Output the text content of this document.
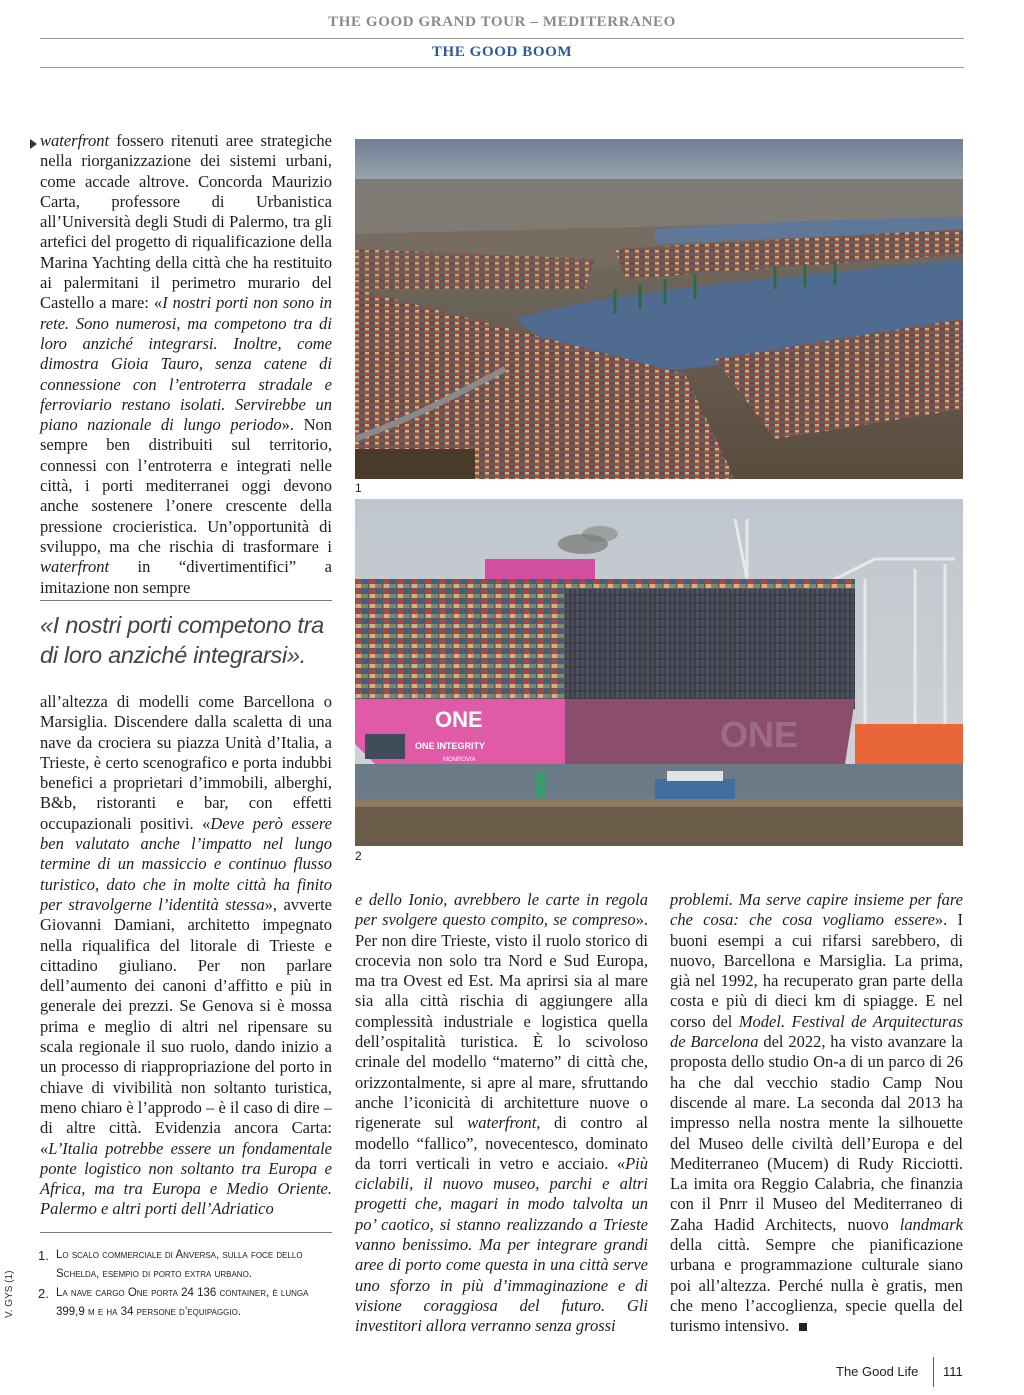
THE GOOD GRAND TOUR – MEDITERRANEO
THE GOOD BOOM

waterfront fossero ritenuti aree strategiche nella riorganizzazione dei sistemi urbani, come accade altrove. Concorda Maurizio Carta, professore di Urbanistica all’Università degli Studi di Palermo, tra gli artefici del progetto di riqualificazione della Marina Yachting della città che ha restituito ai palermitani il perimetro murario del Castello a mare: «I nostri porti non sono in rete. Sono numerosi, ma competono tra di loro anziché integrarsi. Inoltre, come dimostra Gioia Tauro, senza catene di connessione con l’entroterra stradale e ferroviario restano isolati. Servirebbe un piano nazionale di lungo periodo». Non sempre ben distribuiti sul territorio, connessi con l’entroterra e integrati nelle città, i porti mediterranei oggi devono anche sostenere l’onere crescente della pressione crocieristica. Un’opportunità di sviluppo, ma che rischia di trasformare i waterfront in “divertimentifici” a imitazione non sempre

«I nostri porti competono tra di loro anziché integrarsi».

all’altezza di modelli come Barcellona o Marsiglia. Discendere dalla scaletta di una nave da crociera su piazza Unità d’Italia, a Trieste, è certo scenografico e porta indubbi benefici a proprietari d’immobili, alberghi, B&b, ristoranti e bar, con effetti occupazionali positivi. «Deve però essere ben valutato anche l’impatto nel lungo termine di un massiccio e continuo flusso turistico, dato che in molte città ha finito per stravolgerne l’identità stessa», avverte Giovanni Damiani, architetto impegnato nella riqualifica del litorale di Trieste e cittadino giuliano. Per non parlare dell’aumento dei canoni d’affitto e più in generale dei prezzi. Se Genova si è mossa prima e meglio di altri nel ripensare su scala regionale il suo ruolo, dando inizio a un processo di riappropriazione del porto in chiave di vivibilità non soltanto turistica, meno chiaro è l’approdo – è il caso di dire – di altre città. Evidenzia ancora Carta: «L’Italia potrebbe essere un fondamentale ponte logistico non soltanto tra Europa e Africa, ma tra Europa e Medio Oriente. Palermo e altri porti dell’Adriatico

1. Lo scalo commerciale di Anversa, sulla foce dello Schelda, esempio di porto extra urbano.
2. La nave cargo One porta 24 136 container, è lunga 399,9 m e ha 34 persone d’equipaggio.
V. GYS (1)
1
ONE
ONE INTEGRITY
MONROVIA
ONE
2

e dello Ionio, avrebbero le carte in regola per svolgere questo compito, se compreso». Per non dire Trieste, visto il ruolo storico di crocevia non solo tra Nord e Sud Europa, ma tra Ovest ed Est. Ma aprirsi sia al mare sia alla città rischia di aggiungere alla complessità industriale e logistica quella dell’ospitalità turistica. È lo scivoloso crinale del modello “materno” di città che, orizzontalmente, si apre al mare, sfruttando anche l’iconicità di architetture nuove o rigenerate sul waterfront, di contro al modello “fallico”, novecentesco, dominato da torri verticali in vetro e acciaio. «Più ciclabili, il nuovo museo, parchi e altri progetti che, magari in modo talvolta un po’ caotico, si stanno realizzando a Trieste vanno benissimo. Ma per integrare grandi aree di porto come questa in una città serve uno sforzo in più d’immaginazione e di visione coraggiosa del futuro. Gli investitori allora verranno senza grossi

problemi. Ma serve capire insieme per fare che cosa: che cosa vogliamo essere». I buoni esempi a cui rifarsi sarebbero, di nuovo, Barcellona e Marsiglia. La prima, già nel 1992, ha recuperato gran parte della costa e più di dieci km di spiagge. E nel corso del Model. Festival de Arquitecturas de Barcelona del 2022, ha visto avanzare la proposta dello studio On-a di un parco di 26 ha che dal vecchio stadio Camp Nou discende al mare. La seconda dal 2013 ha impresso nella nostra mente la silhouette del Museo delle civiltà dell’Europa e del Mediterraneo (Mucem) di Rudy Ricciotti. La imita ora Reggio Calabria, che finanzia con il Pnrr il Museo del Mediterraneo di Zaha Hadid Architects, nuovo landmark della città. Sempre che pianificazione urbana e programmazione culturale siano poi all’altezza. Perché nulla è gratis, men che meno l’accoglienza, specie quella del turismo intensivo.

The Good Life 111
